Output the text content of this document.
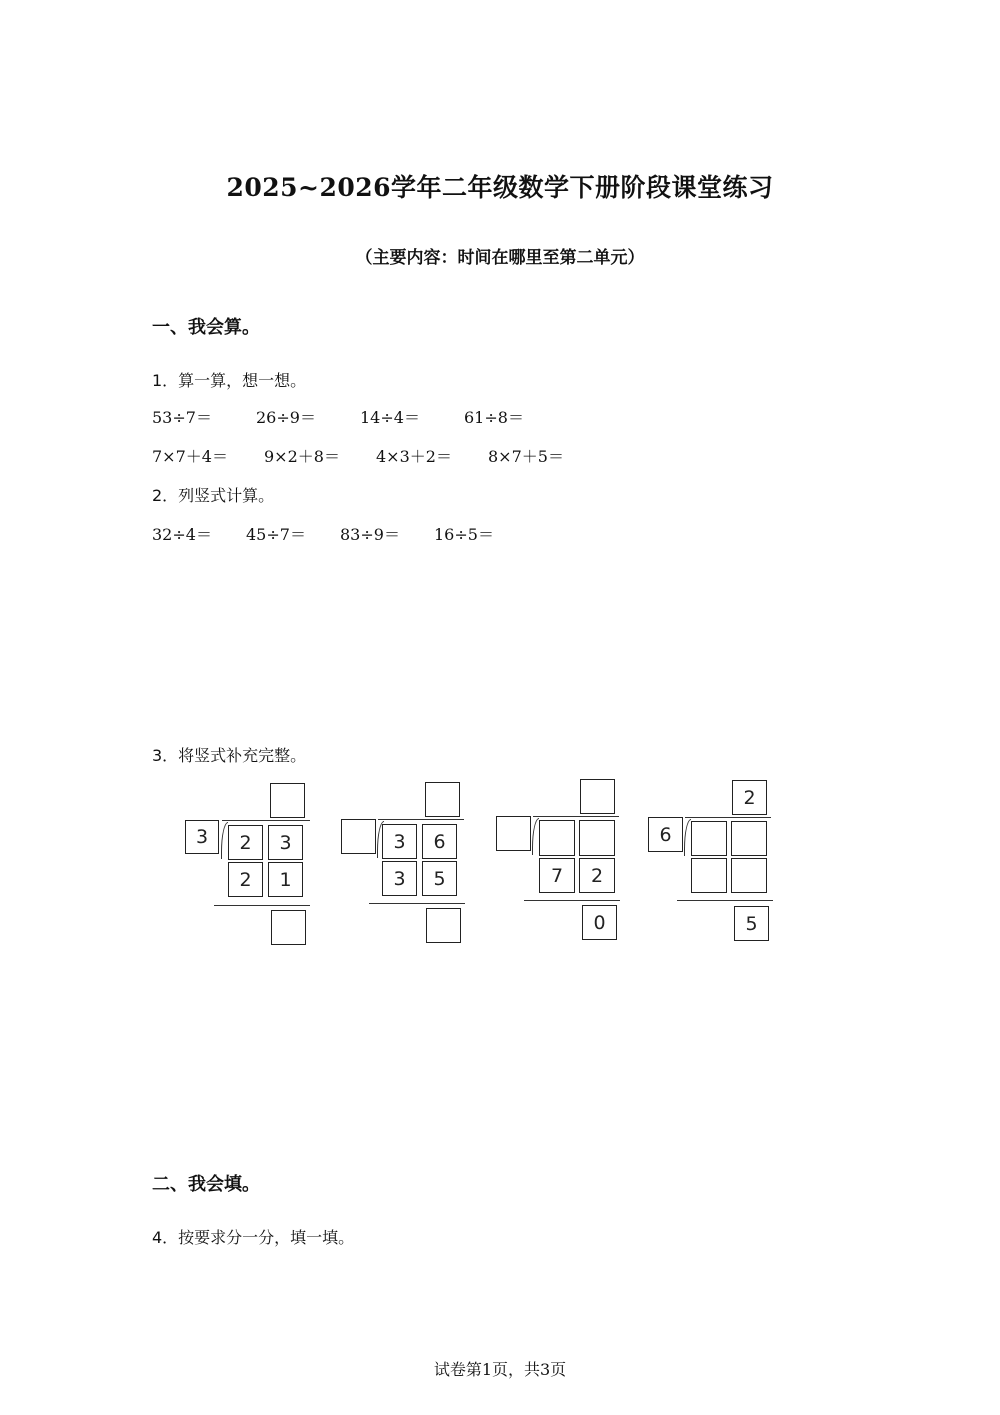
2025~2026学年二年级数学下册阶段课堂练习
（主要内容：时间在哪里至第二单元）
一、我会算。
1．算一算，想一想。
53÷7＝	26÷9＝	14÷4＝	61÷8＝
7×7＋4＝ 9×2＋8＝ 4×3＋2＝ 8×7＋5＝
2．列竖式计算。
32÷4＝ 45÷7＝ 83÷9＝ 16÷5＝
3．将竖式补充完整。
3	2	3
2	1
3	6
3	5	7	2
0
2
6
5
二、我会填。
4．按要求分一分，填一填。
试卷第1页，共3页
